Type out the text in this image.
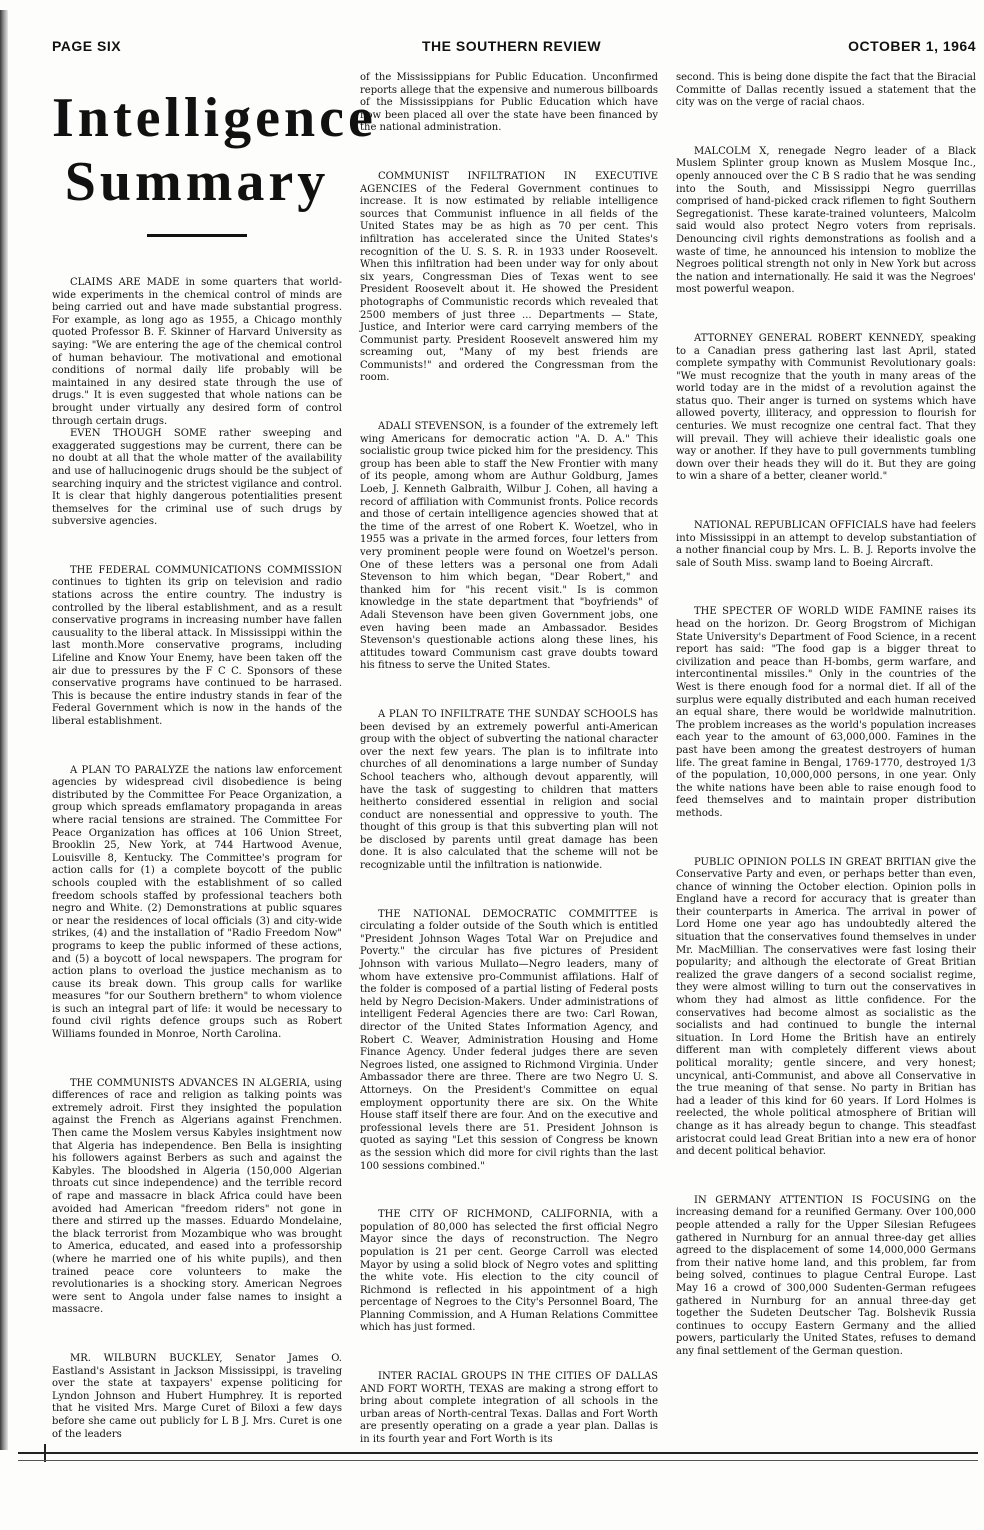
PAGE SIX	THE SOUTHERN REVIEW	OCTOBER 1, 1964
Intelligence
Summary

CLAIMS ARE MADE in some quarters that world-wide experiments in the chemical control of minds are being carried out and have made substantial progress. For example, as long ago as 1955, a Chicago monthly quoted Professor B. F. Skinner of Harvard University as saying: "We are entering the age of the chemical control of human behaviour. The motivational and emotional conditions of normal daily life probably will be maintained in any desired state through the use of drugs." It is even suggested that whole nations can be brought under virtually any desired form of control through certain drugs.

EVEN THOUGH SOME rather sweeping and exaggerated suggestions may be current, there can be no doubt at all that the whole matter of the availability and use of hallucinogenic drugs should be the subject of searching inquiry and the strictest vigilance and control. It is clear that highly dangerous potentialities present themselves for the criminal use of such drugs by subversive agencies.

THE FEDERAL COMMUNICATIONS COMMISSION continues to tighten its grip on television and radio stations across the entire country. The industry is controlled by the liberal establishment, and as a result conservative programs in increasing number have fallen causuality to the liberal attack. In Mississippi within the last month.More conservative programs, including Lifeline and Know Your Enemy, have been taken off the air due to pressures by the F C C. Sponsors of these conservative programs have continued to be harrased. This is because the entire industry stands in fear of the Federal Government which is now in the hands of the liberal establishment.

A PLAN TO PARALYZE the nations law enforcement agencies by widespread civil disobedience is being distributed by the Committee For Peace Organization, a group which spreads emflamatory propaganda in areas where racial tensions are strained. The Committee For Peace Organization has offices at 106 Union Street, Brooklin 25, New York, at 744 Hartwood Avenue, Louisville 8, Kentucky. The Committee's program for action calls for (1) a complete boycott of the public schools coupled with the establishment of so called freedom schools staffed by professional teachers both negro and White. (2) Demonstrations at public squares or near the residences of local officials (3) and city-wide strikes, (4) and the installation of "Radio Freedom Now" programs to keep the public informed of these actions, and (5) a boycott of local newspapers. The program for action plans to overload the justice mechanism as to cause its break down. This group calls for warlike measures "for our Southern brethern" to whom violence is such an integral part of life: it would be necessary to found civil rights defence groups such as Robert Williams founded in Monroe, North Carolina.

THE COMMUNISTS ADVANCES IN ALGERIA, using differences of race and religion as talking points was extremely adroit. First they insighted the population against the French as Algerians against Frenchmen. Then came the Moslem versus Kabyles insightment now that Algeria has independence. Ben Bella is insighting his followers against Berbers as such and against the Kabyles. The bloodshed in Algeria (150,000 Algerian throats cut since independence) and the terrible record of rape and massacre in black Africa could have been avoided had American "freedom riders" not gone in there and stirred up the masses. Eduardo Mondelaine, the black terrorist from Mozambique who was brought to America, educated, and eased into a professorship (where he married one of his white pupils), and then trained peace core volunteers to make the revolutionaries is a shocking story. American Negroes were sent to Angola under false names to insight a massacre.

MR. WILBURN BUCKLEY, Senator James O. Eastland's Assistant in Jackson Mississippi, is traveling over the state at taxpayers' expense politicing for Lyndon Johnson and Hubert Humphrey. It is reported that he visited Mrs. Marge Curet of Biloxi a few days before she came out publicly for L B J. Mrs. Curet is one of the leaders

of the Mississippians for Public Education. Unconfirmed reports allege that the expensive and numerous billboards of the Mississippians for Public Education which have now been placed all over the state have been financed by the national administration.

COMMUNIST INFILTRATION IN EXECUTIVE AGENCIES of the Federal Government continues to increase. It is now estimated by reliable intelligence sources that Communist influence in all fields of the United States may be as high as 70 per cent. This infiltration has accelerated since the United States's recognition of the U. S. S. R. in 1933 under Roosevelt. When this infiltration had been under way for only about six years, Congressman Dies of Texas went to see President Roosevelt about it. He showed the President photographs of Communistic records which revealed that 2500 members of just three ... Departments — State, Justice, and Interior were card carrying members of the Communist party. President Roosevelt answered him my screaming out, "Many of my best friends are Communists!" and ordered the Congressman from the room.

ADALI STEVENSON, is a founder of the extremely left wing Americans for democratic action "A. D. A." This socialistic group twice picked him for the presidency. This group has been able to staff the New Frontier with many of its people, among whom are Authur Goldburg, James Loeb, J. Kenneth Galbraith, Wilbur J. Cohen, all having a record of affiliation with Communist fronts. Police records and those of certain intelligence agencies showed that at the time of the arrest of one Robert K. Woetzel, who in 1955 was a private in the armed forces, four letters from very prominent people were found on Woetzel's person. One of these letters was a personal one from Adali Stevenson to him which began, "Dear Robert," and thanked him for "his recent visit." Is is common knowledge in the state department that "boyfriends" of Adali Stevenson have been given Government jobs, one even having been made an Ambassador. Besides Stevenson's questionable actions along these lines, his attitudes toward Communism cast grave doubts toward his fitness to serve the United States.

A PLAN TO INFILTRATE THE SUNDAY SCHOOLS has been devised by an extremely powerful anti-American group with the object of subverting the national character over the next few years. The plan is to infiltrate into churches of all denominations a large number of Sunday School teachers who, although devout apparently, will have the task of suggesting to children that matters heitherto considered essential in religion and social conduct are nonessential and oppressive to youth. The thought of this group is that this subverting plan will not be disclosed by parents until great damage has been done. It is also calculated that the scheme will not be recognizable until the infiltration is nationwide.

THE NATIONAL DEMOCRATIC COMMITTEE is circulating a folder outside of the South which is entitled "President Johnson Wages Total War on Prejudice and Poverty." the circular has five pictures of President Johnson with various Mullato—Negro leaders, many of whom have extensive pro-Communist affilations. Half of the folder is composed of a partial listing of Federal posts held by Negro Decision-Makers. Under administrations of intelligent Federal Agencies there are two: Carl Rowan, director of the United States Information Agency, and Robert C. Weaver, Administration Housing and Home Finance Agency. Under federal judges there are seven Negroes listed, one assigned to Richmond Virginia. Under Ambassador there are three. There are two Negro U. S. Attorneys. On the President's Committee on equal employment opportunity there are six. On the White House staff itself there are four. And on the executive and professional levels there are 51. President Johnson is quoted as saying "Let this session of Congress be known as the session which did more for civil rights than the last 100 sessions combined."

THE CITY OF RICHMOND, CALIFORNIA, with a population of 80,000 has selected the first official Negro Mayor since the days of reconstruction. The Negro population is 21 per cent. George Carroll was elected Mayor by using a solid block of Negro votes and splitting the white vote. His election to the city council of Richmond is reflected in his appointment of a high percentage of Negroes to the City's Personnel Board, The Planning Commission, and A Human Relations Committee which has just formed.

INTER RACIAL GROUPS IN THE CITIES OF DALLAS AND FORT WORTH, TEXAS are making a strong effort to bring about complete integration of all schools in the urban areas of North-central Texas. Dallas and Fort Worth are presently operating on a grade a year plan. Dallas is in its fourth year and Fort Worth is its

second. This is being done dispite the fact that the Biracial Committe of Dallas recently issued a statement that the city was on the verge of racial chaos.

MALCOLM X, renegade Negro leader of a Black Muslem Splinter group known as Muslem Mosque Inc., openly annouced over the C B S radio that he was sending into the South, and Mississippi Negro guerrillas comprised of hand-picked crack riflemen to fight Southern Segregationist. These karate-trained volunteers, Malcolm said would also protect Negro voters from reprisals. Denouncing civil rights demonstrations as foolish and a waste of time, he announced his intension to moblize the Negroes political strength not only in New York but across the nation and internationally. He said it was the Negroes' most powerful weapon.

ATTORNEY GENERAL ROBERT KENNEDY, speaking to a Canadian press gathering last last April, stated complete sympathy with Communist Revolutionary goals: "We must recognize that the youth in many areas of the world today are in the midst of a revolution against the status quo. Their anger is turned on systems which have allowed poverty, illiteracy, and oppression to flourish for centuries. We must recognize one central fact. That they will prevail. They will achieve their idealistic goals one way or another. If they have to pull governments tumbling down over their heads they will do it. But they are going to win a share of a better, cleaner world."

NATIONAL REPUBLICAN OFFICIALS have had feelers into Mississippi in an attempt to develop substantiation of a nother financial coup by Mrs. L. B. J. Reports involve the sale of South Miss. swamp land to Boeing Aircraft.

THE SPECTER OF WORLD WIDE FAMINE raises its head on the horizon. Dr. Georg Brogstrom of Michigan State University's Department of Food Science, in a recent report has said: "The food gap is a bigger threat to civilization and peace than H-bombs, germ warfare, and intercontinental missiles." Only in the countries of the West is there enough food for a normal diet. If all of the surplus were equally distributed and each human received an equal share, there would be worldwide malnutrition. The problem increases as the world's population increases each year to the amount of 63,000,000. Famines in the past have been among the greatest destroyers of human life. The great famine in Bengal, 1769-1770, destroyed 1/3 of the population, 10,000,000 persons, in one year. Only the white nations have been able to raise enough food to feed themselves and to maintain proper distribution methods.

PUBLIC OPINION POLLS IN GREAT BRITIAN give the Conservative Party and even, or perhaps better than even, chance of winning the October election. Opinion polls in England have a record for accuracy that is greater than their counterparts in America. The arrival in power of Lord Home one year ago has undoubtedly altered the situation that the conservatives found themselves in under Mr. MacMillian. The conservatives were fast losing their popularity; and although the electorate of Great Britian realized the grave dangers of a second socialist regime, they were almost willing to turn out the conservatives in whom they had almost as little confidence. For the conservatives had become almost as socialistic as the socialists and had continued to bungle the internal situation. In Lord Home the British have an entirely different man with completely different views about political morality; gentle sincere, and very honest; uncynical, anti-Communist, and above all Conservative in the true meaning of that sense. No party in Britian has had a leader of this kind for 60 years. If Lord Holmes is reelected, the whole political atmosphere of Britian will change as it has already begun to change. This steadfast aristocrat could lead Great Britian into a new era of honor and decent political behavior.

IN GERMANY ATTENTION IS FOCUSING on the increasing demand for a reunified Germany. Over 100,000 people attended a rally for the Upper Silesian Refugees gathered in Nurnburg for an annual three-day get allies agreed to the displacement of some 14,000,000 Germans from their native home land, and this problem, far from being solved, continues to plague Central Europe. Last May 16 a crowd of 300,000 Sudenten-German refugees gathered in Nurnburg for an annual three-day get together the Sudeten Deutscher Tag. Bolshevik Russia continues to occupy Eastern Germany and the allied powers, particularly the United States, refuses to demand any final settlement of the German question.
